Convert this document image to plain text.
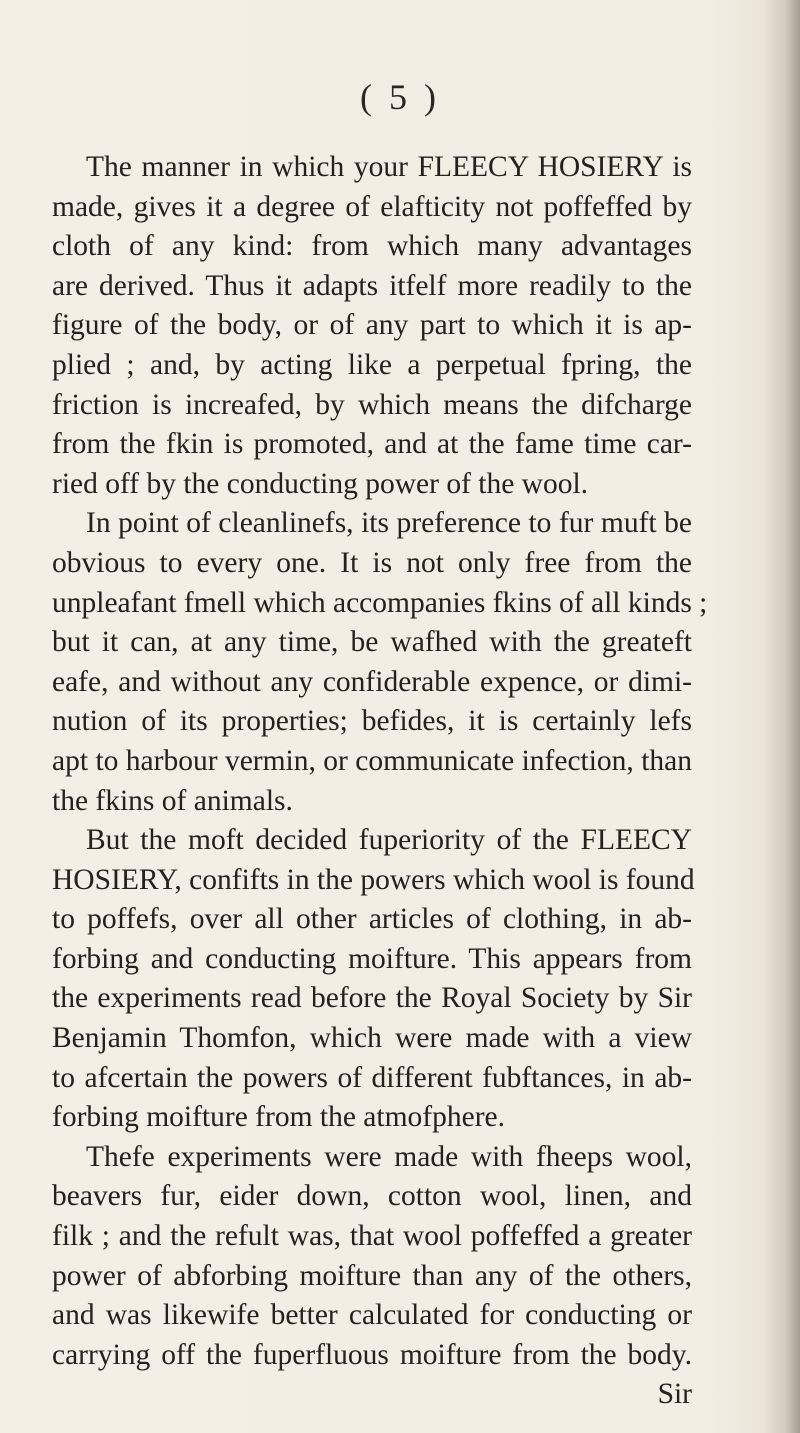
( 5 )
The manner in which your FLEECY HOSIERY is
made, gives it a degree of elafticity not poffeffed by
cloth of any kind: from which many advantages
are derived. Thus it adapts itfelf more readily to the
figure of the body, or of any part to which it is ap-
plied ; and, by acting like a perpetual fpring, the
friction is increafed, by which means the difcharge
from the fkin is promoted, and at the fame time car-
ried off by the conducting power of the wool.
In point of cleanlinefs, its preference to fur muft be
obvious to every one. It is not only free from the
unpleafant fmell which accompanies fkins of all kinds ;
but it can, at any time, be wafhed with the greateft
eafe, and without any confiderable expence, or dimi-
nution of its properties; befides, it is certainly lefs
apt to harbour vermin, or communicate infection, than
the fkins of animals.
But the moft decided fuperiority of the FLEECY
HOSIERY, confifts in the powers which wool is found
to poffefs, over all other articles of clothing, in ab-
forbing and conducting moifture. This appears from
the experiments read before the Royal Society by Sir
Benjamin Thomfon, which were made with a view
to afcertain the powers of different fubftances, in ab-
forbing moifture from the atmofphere.
Thefe experiments were made with fheeps wool,
beavers fur, eider down, cotton wool, linen, and
filk ; and the refult was, that wool poffeffed a greater
power of abforbing moifture than any of the others,
and was likewife better calculated for conducting or
carrying off the fuperfluous moifture from the body.
Sir
